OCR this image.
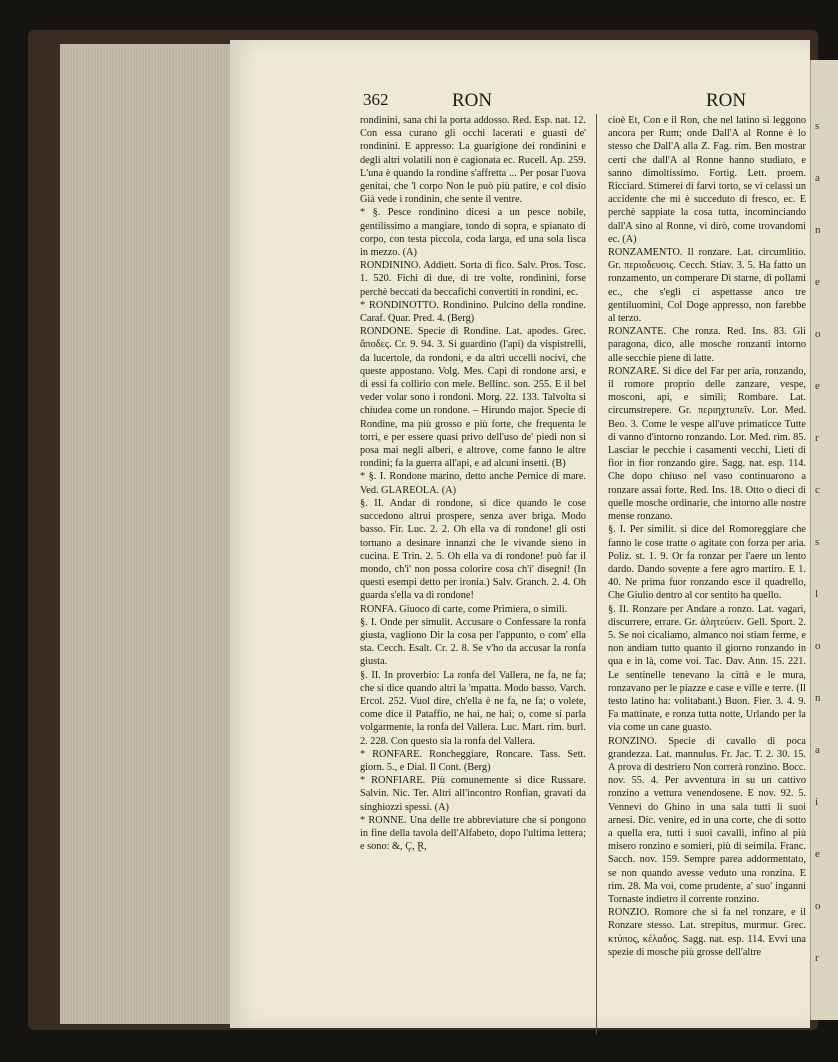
362	RON	RON

rondinini, sana chi la porta addosso. Red. Esp. nat. 12. Con essa curano gli occhi lacerati e guasti de' rondinini. E appresso: La guarigione dei rondinini e degli altri volatili non è cagionata ec. Rucell. Ap. 259. L'una è quando la rondine s'affretta ... Per posar l'uova genitai, che 'l corpo Non le può più patire, e col disio Già vede i rondinin, che sente il ventre.

* §. Pesce rondinino dicesi a un pesce nobile, gentilissimo a mangiare, tondo di sopra, e spianato di corpo, con testa piccola, coda larga, ed una sola lisca in mezzo. (A)

RONDININO. Addiett. Sorta di fico. Salv. Pros. Tosc. 1. 520. Fichi di due, di tre volte, rondinini, forse perchè beccati da beccafichi convertiti in rondini, ec.

* RONDINOTTO. Rondinino. Pulcino della rondine. Caraf. Quar. Pred. 4. (Berg)

RONDONE. Specie di Rondine. Lat. apodes. Grec. ἄποδες. Cr. 9. 94. 3. Si guardino (l'api) da vispistrelli, da lucertole, da rondoni, e da altri uccelli nocivi, che queste appostano. Volg. Mes. Capi di rondone arsi, e di essi fa collirio con mele. Bellinc. son. 255. E il bel veder volar sono i rondoni. Morg. 22. 133. Talvolta si chiudea come un rondone. – Hirundo major. Specie di Rondine, ma più grosso e più forte, che frequenta le torri, e per essere quasi privo dell'uso de' piedi non si posa mai negli alberi, e altrove, come fanno le altre rondini; fa la guerra all'api, e ad alcuni insetti. (B)

* §. I. Rondone marino, detto anche Pernice di mare. Ved. GLAREOLA. (A)

§. II. Andar di rondone, si dice quando le cose succedono altrui prospere, senza aver briga. Modo basso. Fir. Luc. 2. 2. Oh ella va di rondone! gli osti tornano a desinare innanzi che le vivande sieno in cucina. E Trin. 2. 5. Oh ella va di rondone! può far il mondo, ch'i' non possa colorire cosa ch'i' disegni! (In questi esempi detto per ironia.) Salv. Granch. 2. 4. Oh guarda s'ella va di rondone!

RONFA. Giuoco di carte, come Primiera, o simili.

§. I. Onde per simulit. Accusare o Confessare la ronfa giusta, vagliono Dir la cosa per l'appunto, o com' ella sta. Cecch. Esalt. Cr. 2. 8. Se v'ho da accusar la ronfa giusta.

§. II. In proverbio: La ronfa del Vallera, ne fa, ne fa; che si dice quando altri la 'mpatta. Modo basso. Varch. Ercol. 252. Vuol dire, ch'ella è ne fa, ne fa; o volete, come dice il Pataffio, ne hai, ne hai; o, come si parla volgarmente, la ronfa del Vallera. Luc. Mart. rim. burl. 2. 228. Con questo sia la ronfa del Vallera.

* RONFARE. Roncheggiare, Roncare. Tass. Sett. giorn. 5., e Dial. Il Cont. (Berg)

* RONFIARE. Più comunemente si dice Russare. Salvin. Nic. Ter. Altri all'incontro Ronfian, gravati da singhiozzi spessi. (A)

* RONNE. Una delle tre abbreviature che si pongono in fine della tavola dell'Alfabeto, dopo l'ultima lettera; e sono: &, Ç, Ɽ,

cioè Et, Con e il Ron, che nel latino si leggono ancora per Rum; onde Dall'A al Ronne è lo stesso che Dall'A alla Z. Fag. rim. Ben mostrar certi che dall'A al Ronne hanno studiato, e sanno dimoltissimo. Fortig. Lett. proem. Ricciard. Stimerei di farvi torto, se vi celassi un accidente che mi è succeduto di fresco, ec. E perchè sappiate la cosa tutta, incominciando dall'A sino al Ronne, vi dirò, come trovandomi ec. (A)

RONZAMENTO. Il ronzare. Lat. circumlitio. Gr. περιοδευσις. Cecch. Stiav. 3. 5. Ha fatto un ronzamento, un comperare Di starne, di pollami ec., che s'egli ci aspettasse anco tre gentiluomini, Col Doge appresso, non farebbe al terzo.

RONZANTE. Che ronza. Red. Ins. 83. Gli paragona, dico, alle mosche ronzanti intorno alle secchie piene di latte.

RONZARE. Si dice del Far per aria, ronzando, il romore proprio delle zanzare, vespe, mosconi, api, e simili; Rombare. Lat. circumstrepere. Gr. περιηχτυπεῖν. Lor. Med. Beo. 3. Come le vespe all'uve primaticce Tutte di vanno d'intorno ronzando. Lor. Med. rim. 85. Lasciar le pecchie i casamenti vecchi, Lieti di fior in fior ronzando gire. Sagg. nat. esp. 114. Che dopo chiuso nel vaso continuarono a ronzare assai forte. Red. Ins. 18. Otto o dieci di quelle mosche ordinarie, che intorno alle nostre mense ronzano.

§. I. Per similit. si dice del Romoreggiare che fanno le cose tratte o agitate con forza per aria. Poliz. st. 1. 9. Or fa ronzar per l'aere un lento dardo. Dando sovente a fere agro martiro. E 1. 40. Ne prima fuor ronzando esce il quadrello, Che Giulio dentro al cor sentito ha quello.

§. II. Ronzare per Andare a ronzo. Lat. vagari, discurrere, errare. Gr. ἀλητεύειν. Gell. Sport. 2. 5. Se noi cicaliamo, almanco noi stiam ferme, e non andiam tutto quanto il giorno ronzando in qua e in là, come voi. Tac. Dav. Ann. 15. 221. Le sentinelle tenevano la città e le mura, ronzavano per le piazze e case e ville e terre. (Il testo latino ha: volitabant.) Buon. Fier. 3. 4. 9. Fa mattinate, e ronza tutta notte, Urlando per la via come un cane guasto.

RONZINO. Specie di cavallo di poca grandezza. Lat. mannulus. Fr. Jac. T. 2. 30. 15. A prova di destriero Non correrà ronzino. Bocc. nov. 55. 4. Per avventura in su un cattivo ronzino a vettura venendosene. E nov. 92. 5. Vennevi do Ghino in una sala tutti li suoi arnesi. Dic. venire, ed in una corte, che di sotto a quella era, tutti i suoi cavalli, infino al più misero ronzino e somieri, più di seimila. Franc. Sacch. nov. 159. Sempre parea addormentato, se non quando avesse veduto una ronzina. E rim. 28. Ma voi, come prudente, a' suo' inganni Tornaste indietro il corrente ronzino.

RONZIO. Romore che si fa nel ronzare, e il Ronzare stesso. Lat. strepitus, murmur. Grec. κτύπος, κέλαδος. Sagg. nat. esp. 114. Evvi una spezie di mosche più grosse dell'altre

s
a
n
e
o
e
r
c
s
l
o
n
a
i
e
o
r
